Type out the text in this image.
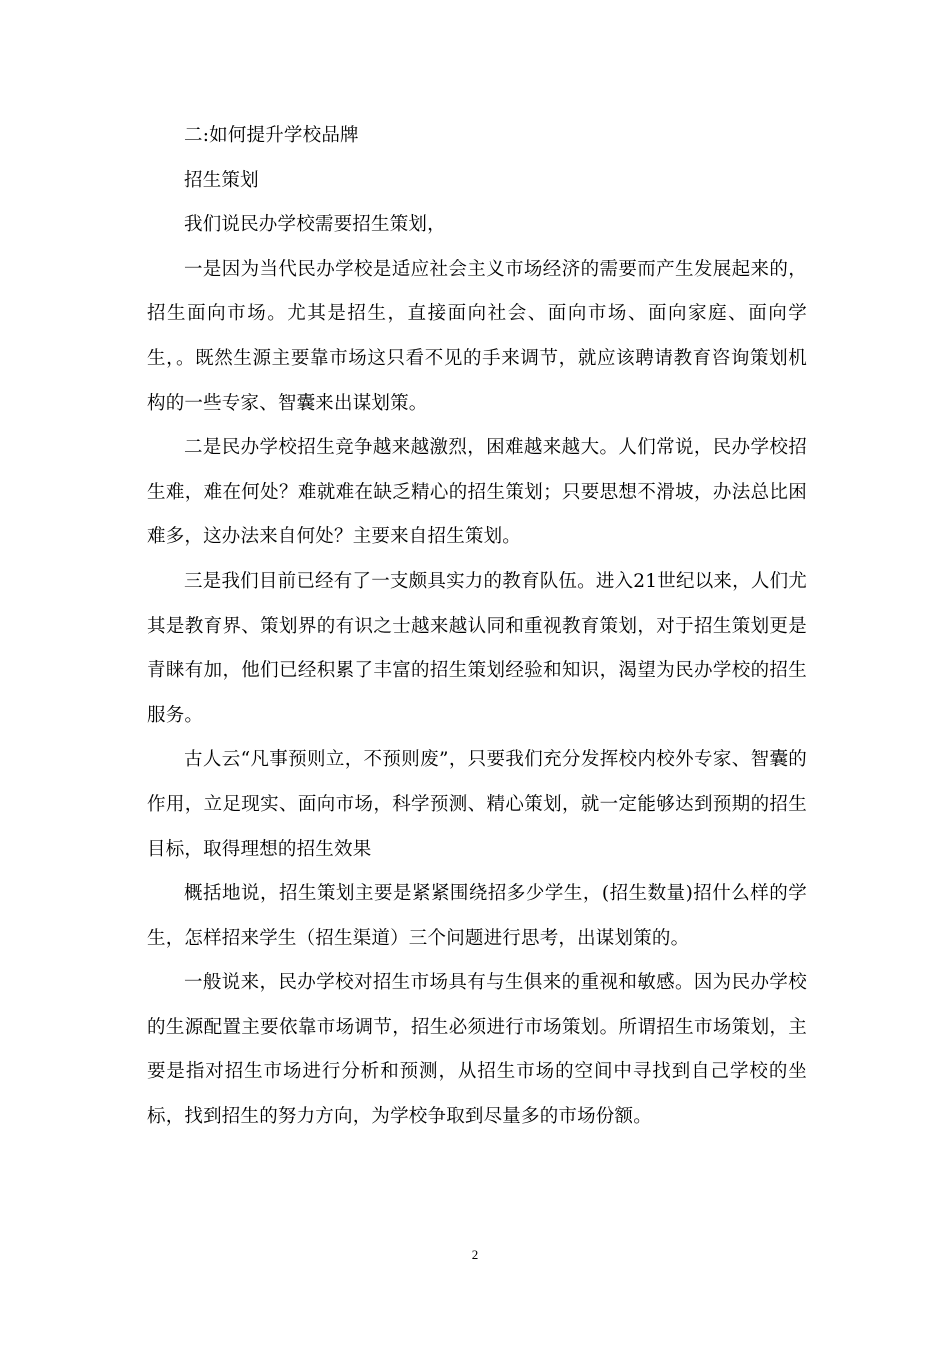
二:如何提升学校品牌

招生策划

我们说民办学校需要招生策划，

一是因为当代民办学校是适应社会主义市场经济的需要而产生发展起来的，招生面向市场。尤其是招生，直接面向社会、面向市场、面向家庭、面向学生，。既然生源主要靠市场这只看不见的手来调节，就应该聘请教育咨询策划机构的一些专家、智囊来出谋划策。

二是民办学校招生竞争越来越激烈，困难越来越大。人们常说，民办学校招生难，难在何处？难就难在缺乏精心的招生策划；只要思想不滑坡，办法总比困难多，这办法来自何处？主要来自招生策划。

三是我们目前已经有了一支颇具实力的教育队伍。进入21世纪以来，人们尤其是教育界、策划界的有识之士越来越认同和重视教育策划，对于招生策划更是青睐有加，他们已经积累了丰富的招生策划经验和知识，渴望为民办学校的招生服务。

古人云“凡事预则立，不预则废”，只要我们充分发挥校内校外专家、智囊的作用，立足现实、面向市场，科学预测、精心策划，就一定能够达到预期的招生目标，取得理想的招生效果

概括地说，招生策划主要是紧紧围绕招多少学生，(招生数量)招什么样的学生，怎样招来学生（招生渠道）三个问题进行思考，出谋划策的。

一般说来，民办学校对招生市场具有与生俱来的重视和敏感。因为民办学校的生源配置主要依靠市场调节，招生必须进行市场策划。所谓招生市场策划，主要是指对招生市场进行分析和预测，从招生市场的空间中寻找到自己学校的坐标，找到招生的努力方向，为学校争取到尽量多的市场份额。

2
